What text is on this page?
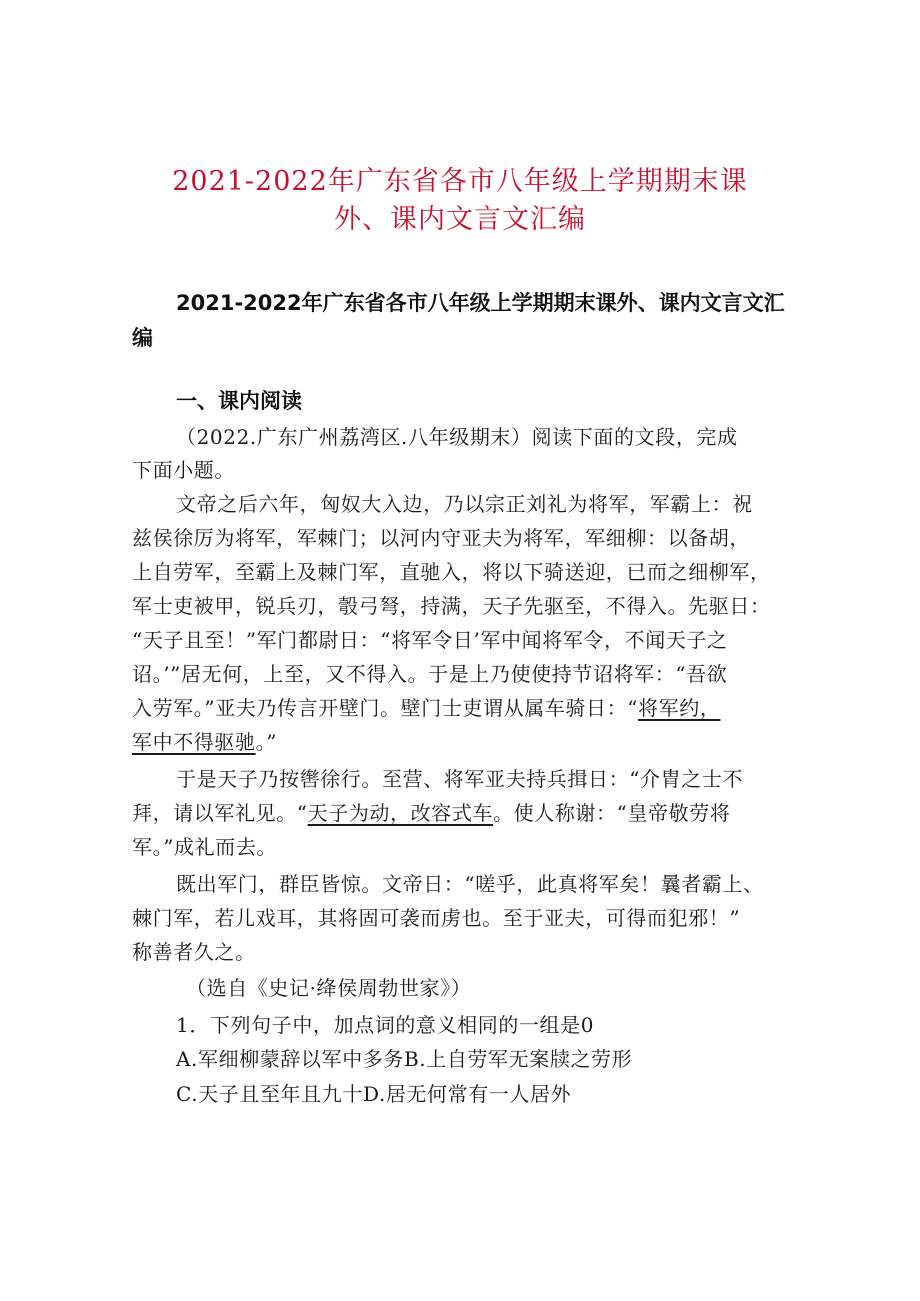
2021-2022年广东省各市八年级上学期期末课
外、课内文言文汇编
2021-2022年广东省各市八年级上学期期末课外、课内文言文汇
编
一、课内阅读
（2022.广东广州荔湾区.八年级期末）阅读下面的文段，完成
下面小题。
文帝之后六年，匈奴大入边，乃以宗正刘礼为将军，军霸上：祝
兹侯徐厉为将军，军棘门；以河内守亚夫为将军，军细柳：以备胡，
上自劳军，至霸上及棘门军，直驰入，将以下骑送迎，已而之细柳军，
军士吏被甲，锐兵刃，彀弓弩，持满，天子先驱至，不得入。先驱日：
“天子且至！”军门都尉日：“将军令日’军中闻将军令，不闻天子之
诏。’”居无何，上至，又不得入。于是上乃使使持节诏将军：“吾欲
入劳军。”亚夫乃传言开壁门。壁门士吏谓从属车骑日：“将军约，
军中不得驱驰。”
于是天子乃按辔徐行。至营、将军亚夫持兵揖日：“介胄之士不
拜，请以军礼见。“天子为动，改容式车。使人称谢：“皇帝敬劳将
军。”成礼而去。
既出军门，群臣皆惊。文帝日：“嗟乎，此真将军矣！曩者霸上、
棘门军，若儿戏耳，其将固可袭而虏也。至于亚夫，可得而犯邪！”
称善者久之。
（选自《史记·绛侯周勃世家》）
1．下列句子中，加点词的意义相同的一组是0
A.军细柳蒙辞以军中多务B.上自劳军无案牍之劳形
C.天子且至年且九十D.居无何常有一人居外
